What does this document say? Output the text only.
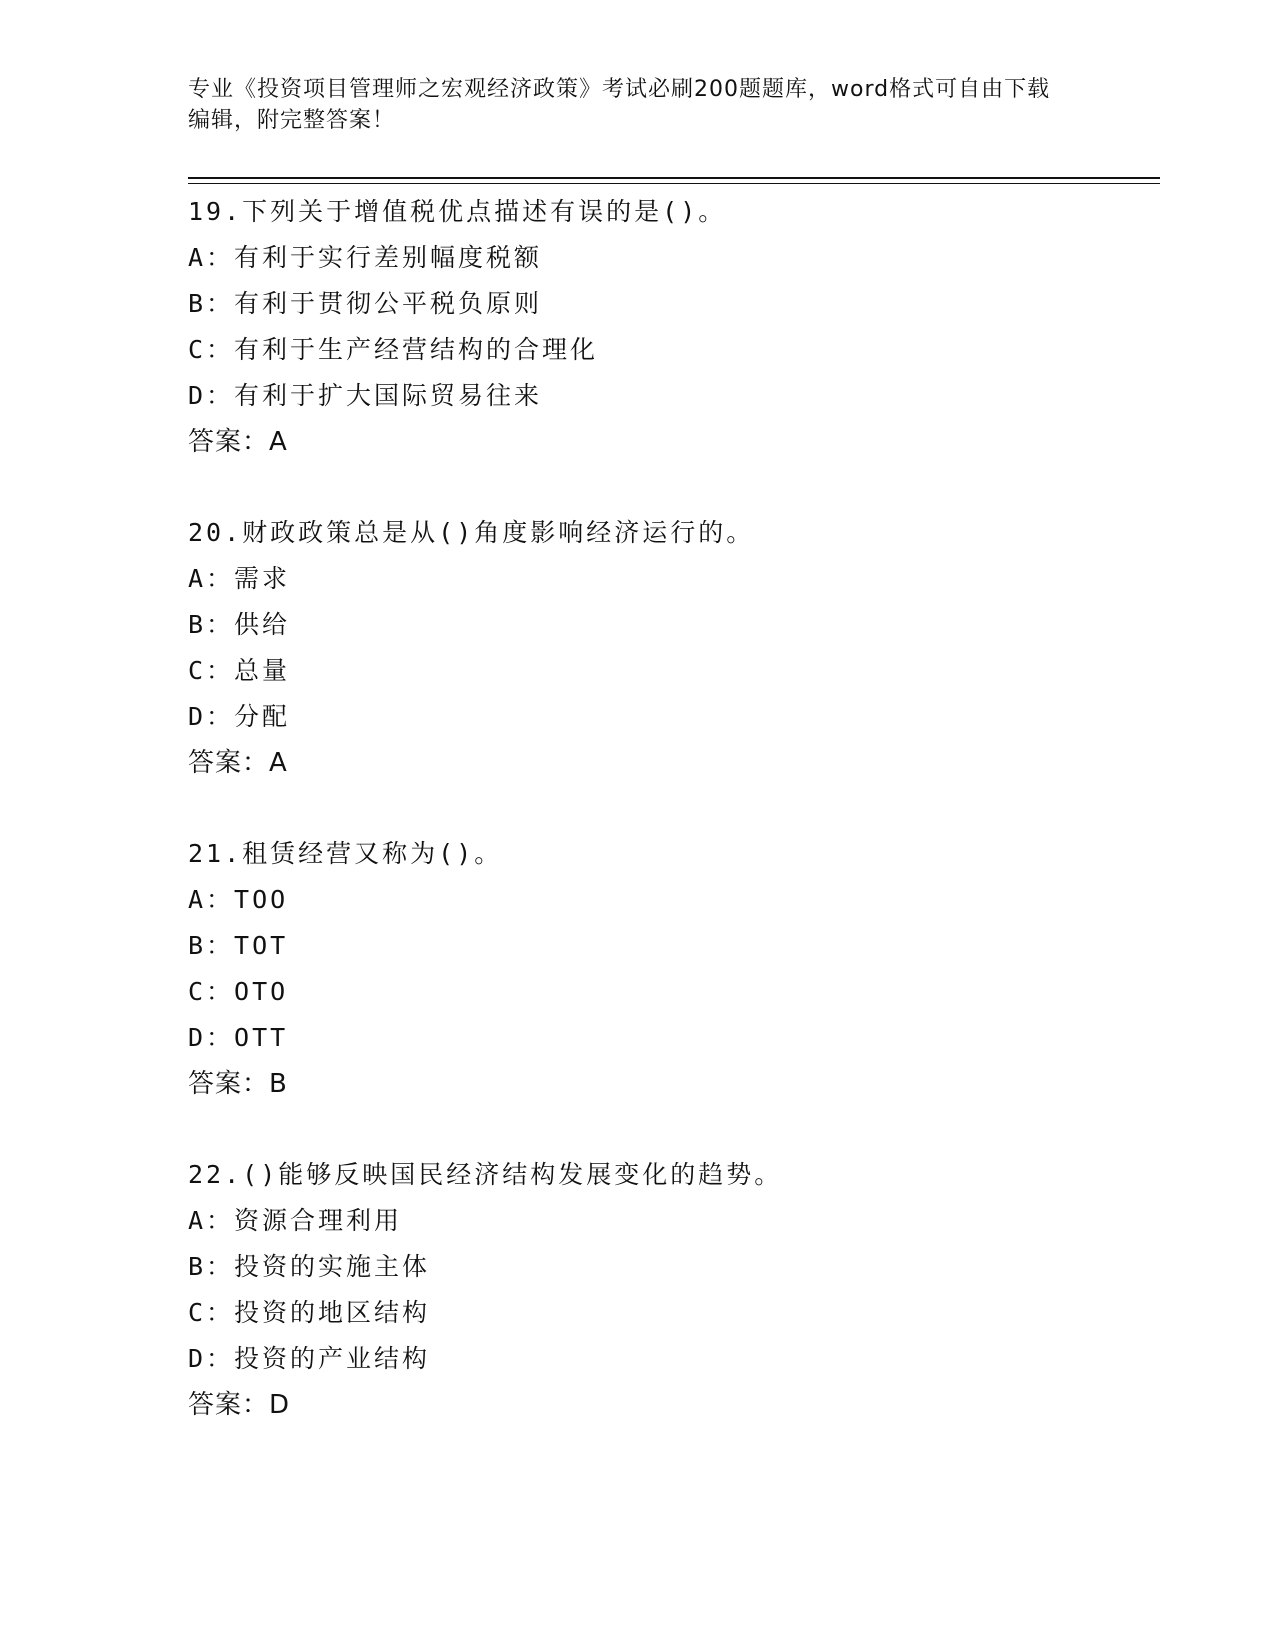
专业《投资项目管理师之宏观经济政策》考试必刷200题题库，word格式可自由下载编辑，附完整答案！

19.下列关于增值税优点描述有误的是()。
A：有利于实行差别幅度税额
B：有利于贯彻公平税负原则
C：有利于生产经营结构的合理化
D：有利于扩大国际贸易往来
答案：A
20.财政政策总是从()角度影响经济运行的。
A：需求
B：供给
C：总量
D：分配
答案：A
21.租赁经营又称为()。
A：TOO
B：TOT
C：OTO
D：OTT
答案：B
22.()能够反映国民经济结构发展变化的趋势。
A：资源合理利用
B：投资的实施主体
C：投资的地区结构
D：投资的产业结构
答案：D
